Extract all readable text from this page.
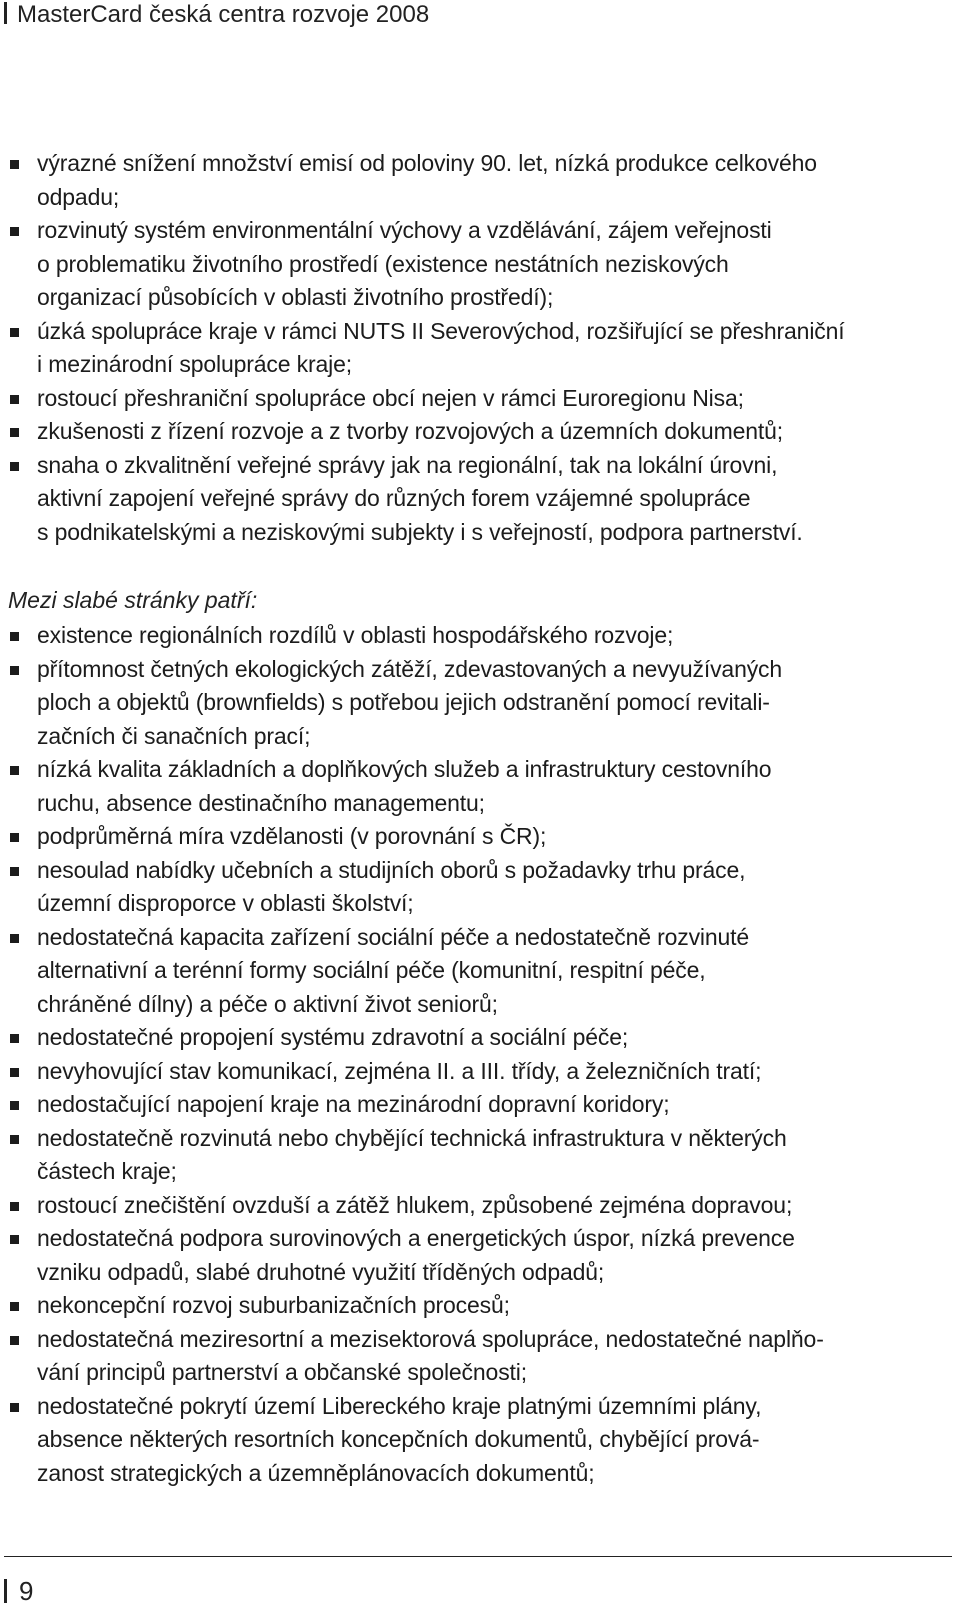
MasterCard česká centra rozvoje 2008
výrazné snížení množství emisí od poloviny 90. let, nízká produkce celkového
odpadu;
rozvinutý systém environmentální výchovy a vzdělávání, zájem veřejnosti
o problematiku životního prostředí (existence nestátních neziskových
organizací působících v oblasti životního prostředí);
úzká spolupráce kraje v rámci NUTS II Severovýchod, rozšiřující se přeshraniční
i mezinárodní spolupráce kraje;
rostoucí přeshraniční spolupráce obcí nejen v rámci Euroregionu Nisa;
zkušenosti z řízení rozvoje a z tvorby rozvojových a územních dokumentů;
snaha o zkvalitnění veřejné správy jak na regionální, tak na lokální úrovni,
aktivní zapojení veřejné správy do různých forem vzájemné spolupráce
s podnikatelskými a neziskovými subjekty i s veřejností, podpora partnerství.
Mezi slabé stránky patří:
existence regionálních rozdílů v oblasti hospodářského rozvoje;
přítomnost četných ekologických zátěží, zdevastovaných a nevyužívaných
ploch a objektů (brownfields) s potřebou jejich odstranění pomocí revitali-
začních či sanačních prací;
nízká kvalita základních a doplňkových služeb a infrastruktury cestovního
ruchu, absence destinačního managementu;
podprůměrná míra vzdělanosti (v porovnání s ČR);
nesoulad nabídky učebních a studijních oborů s požadavky trhu práce,
územní disproporce v oblasti školství;
nedostatečná kapacita zařízení sociální péče a nedostatečně rozvinuté
alternativní a terénní formy sociální péče (komunitní, respitní péče,
chráněné dílny) a péče o aktivní život seniorů;
nedostatečné propojení systému zdravotní a sociální péče;
nevyhovující stav komunikací, zejména II. a III. třídy, a železničních tratí;
nedostačující napojení kraje na mezinárodní dopravní koridory;
nedostatečně rozvinutá nebo chybějící technická infrastruktura v některých
částech kraje;
rostoucí znečištění ovzduší a zátěž hlukem, způsobené zejména dopravou;
nedostatečná podpora surovinových a energetických úspor, nízká prevence
vzniku odpadů, slabé druhotné využití tříděných odpadů;
nekoncepční rozvoj suburbanizačních procesů;
nedostatečná meziresortní a mezisektorová spolupráce, nedostatečné naplňo-
vání principů partnerství a občanské společnosti;
nedostatečné pokrytí území Libereckého kraje platnými územními plány,
absence některých resortních koncepčních dokumentů, chybějící prová-
zanost strategických a územněplánovacích dokumentů;
9
